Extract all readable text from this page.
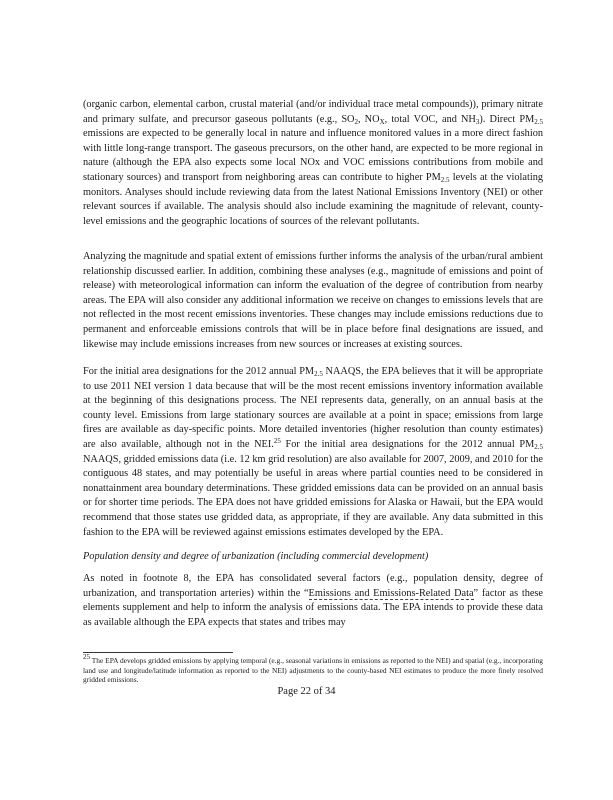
(organic carbon, elemental carbon, crustal material (and/or individual trace metal compounds)), primary nitrate and primary sulfate, and precursor gaseous pollutants (e.g., $SO_2$, $NO_X$, total VOC, and $NH_3$). Direct $PM_{2.5}$ emissions are expected to be generally local in nature and influence monitored values in a more direct fashion with little long-range transport. The gaseous precursors, on the other hand, are expected to be more regional in nature (although the EPA also expects some local NOx and VOC emissions contributions from mobile and stationary sources) and transport from neighboring areas can contribute to higher $PM_{2.5}$ levels at the violating monitors. Analyses should include reviewing data from the latest National Emissions Inventory (NEI) or other relevant sources if available. The analysis should also include examining the magnitude of relevant, county-level emissions and the geographic locations of sources of the relevant pollutants.

Analyzing the magnitude and spatial extent of emissions further informs the analysis of the urban/rural ambient relationship discussed earlier. In addition, combining these analyses (e.g., magnitude of emissions and point of release) with meteorological information can inform the evaluation of the degree of contribution from nearby areas. The EPA will also consider any additional information we receive on changes to emissions levels that are not reflected in the most recent emissions inventories. These changes may include emissions reductions due to permanent and enforceable emissions controls that will be in place before final designations are issued, and likewise may include emissions increases from new sources or increases at existing sources.

For the initial area designations for the 2012 annual $PM_{2.5}$ NAAQS, the EPA believes that it will be appropriate to use 2011 NEI version 1 data because that will be the most recent emissions inventory information available at the beginning of this designations process. The NEI represents data, generally, on an annual basis at the county level. Emissions from large stationary sources are available at a point in space; emissions from large fires are available as day-specific points. More detailed inventories (higher resolution than county estimates) are also available, although not in the NEI.$^{25}$ For the initial area designations for the 2012 annual $PM_{2.5}$ NAAQS, gridded emissions data (i.e. 12 km grid resolution) are also available for 2007, 2009, and 2010 for the contiguous 48 states, and may potentially be useful in areas where partial counties need to be considered in nonattainment area boundary determinations. These gridded emissions data can be provided on an annual basis or for shorter time periods. The EPA does not have gridded emissions for Alaska or Hawaii, but the EPA would recommend that those states use gridded data, as appropriate, if they are available. Any data submitted in this fashion to the EPA will be reviewed against emissions estimates developed by the EPA.

Population density and degree of urbanization (including commercial development)

As noted in footnote 8, the EPA has consolidated several factors (e.g., population density, degree of urbanization, and transportation arteries) within the “Emissions and Emissions-Related Data” factor as these elements supplement and help to inform the analysis of emissions data. The EPA intends to provide these data as available although the EPA expects that states and tribes may

$^{25}$ The EPA develops gridded emissions by applying temporal (e.g., seasonal variations in emissions as reported to the NEI) and spatial (e.g., incorporating land use and longitude/latitude information as reported to the NEI) adjustments to the county-based NEI estimates to produce the more finely resolved gridded emissions.

Page 22 of 34
